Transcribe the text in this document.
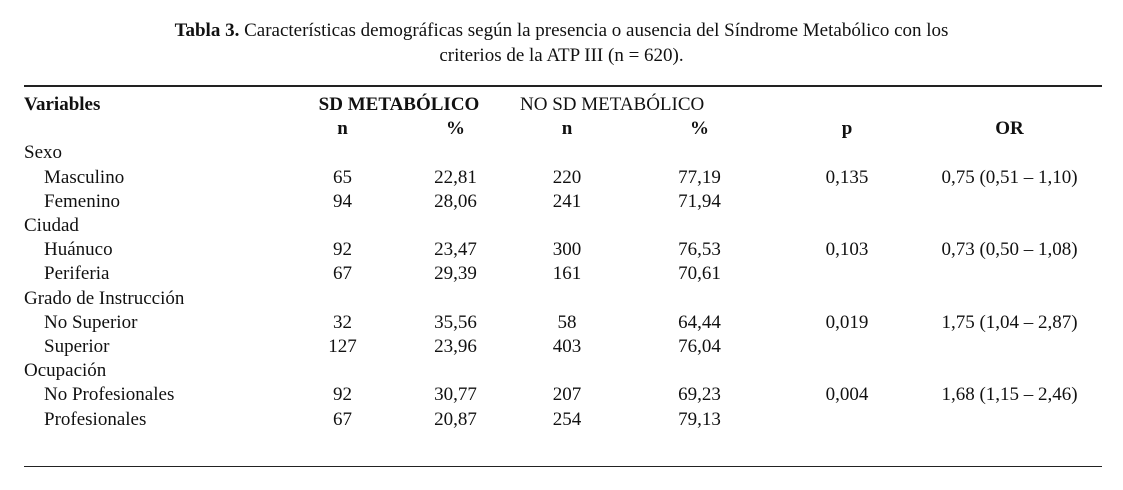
Tabla 3. Características demográficas según la presencia o ausencia del Síndrome Metabólico con los
criterios de la ATP III (n = 620).
Variables	SD METABÓLICO		NO SD METABÓLICO			
	n	%	n	%	p	OR
Sexo						
Masculino	65	22,81	220	77,19	0,135	0,75 (0,51 – 1,10)
Femenino	94	28,06	241	71,94		
Ciudad						
Huánuco	92	23,47	300	76,53	0,103	0,73 (0,50 – 1,08)
Periferia	67	29,39	161	70,61		
Grado de Instrucción						
No Superior	32	35,56	58	64,44	0,019	1,75 (1,04 – 2,87)
Superior	127	23,96	403	76,04		
Ocupación						
No Profesionales	92	30,77	207	69,23	0,004	1,68 (1,15 – 2,46)
Profesionales	67	20,87	254	79,13		
